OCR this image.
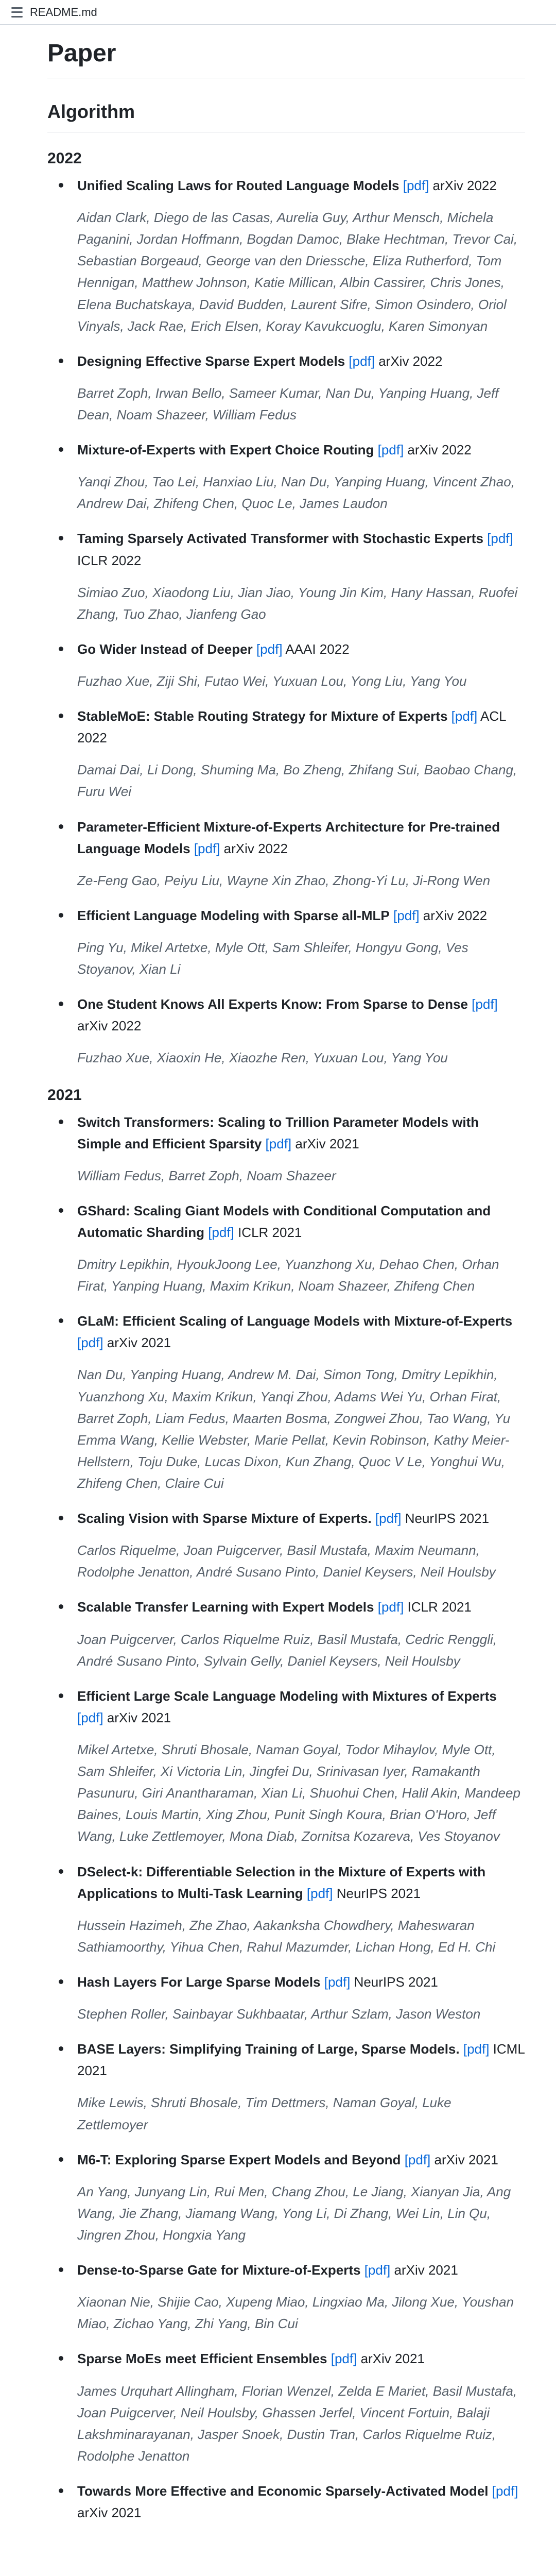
README.md
Paper
Algorithm
2022
Unified Scaling Laws for Routed Language Models [pdf] arXiv 2022
Aidan Clark, Diego de las Casas, Aurelia Guy, Arthur Mensch, Michela Paganini, Jordan Hoffmann, Bogdan Damoc, Blake Hechtman, Trevor Cai, Sebastian Borgeaud, George van den Driessche, Eliza Rutherford, Tom Hennigan, Matthew Johnson, Katie Millican, Albin Cassirer, Chris Jones, Elena Buchatskaya, David Budden, Laurent Sifre, Simon Osindero, Oriol Vinyals, Jack Rae, Erich Elsen, Koray Kavukcuoglu, Karen Simonyan
Designing Effective Sparse Expert Models [pdf] arXiv 2022
Barret Zoph, Irwan Bello, Sameer Kumar, Nan Du, Yanping Huang, Jeff Dean, Noam Shazeer, William Fedus
Mixture-of-Experts with Expert Choice Routing [pdf] arXiv 2022
Yanqi Zhou, Tao Lei, Hanxiao Liu, Nan Du, Yanping Huang, Vincent Zhao, Andrew Dai, Zhifeng Chen, Quoc Le, James Laudon
Taming Sparsely Activated Transformer with Stochastic Experts [pdf] ICLR 2022
Simiao Zuo, Xiaodong Liu, Jian Jiao, Young Jin Kim, Hany Hassan, Ruofei Zhang, Tuo Zhao, Jianfeng Gao
Go Wider Instead of Deeper [pdf] AAAI 2022
Fuzhao Xue, Ziji Shi, Futao Wei, Yuxuan Lou, Yong Liu, Yang You
StableMoE: Stable Routing Strategy for Mixture of Experts [pdf] ACL 2022
Damai Dai, Li Dong, Shuming Ma, Bo Zheng, Zhifang Sui, Baobao Chang, Furu Wei
Parameter-Efficient Mixture-of-Experts Architecture for Pre-trained Language Models [pdf] arXiv 2022
Ze-Feng Gao, Peiyu Liu, Wayne Xin Zhao, Zhong-Yi Lu, Ji-Rong Wen
Efficient Language Modeling with Sparse all-MLP [pdf] arXiv 2022
Ping Yu, Mikel Artetxe, Myle Ott, Sam Shleifer, Hongyu Gong, Ves Stoyanov, Xian Li
One Student Knows All Experts Know: From Sparse to Dense [pdf] arXiv 2022
Fuzhao Xue, Xiaoxin He, Xiaozhe Ren, Yuxuan Lou, Yang You
2021
Switch Transformers: Scaling to Trillion Parameter Models with Simple and Efficient Sparsity [pdf] arXiv 2021
William Fedus, Barret Zoph, Noam Shazeer
GShard: Scaling Giant Models with Conditional Computation and Automatic Sharding [pdf] ICLR 2021
Dmitry Lepikhin, HyoukJoong Lee, Yuanzhong Xu, Dehao Chen, Orhan Firat, Yanping Huang, Maxim Krikun, Noam Shazeer, Zhifeng Chen
GLaM: Efficient Scaling of Language Models with Mixture-of-Experts [pdf] arXiv 2021
Nan Du, Yanping Huang, Andrew M. Dai, Simon Tong, Dmitry Lepikhin, Yuanzhong Xu, Maxim Krikun, Yanqi Zhou, Adams Wei Yu, Orhan Firat, Barret Zoph, Liam Fedus, Maarten Bosma, Zongwei Zhou, Tao Wang, Yu Emma Wang, Kellie Webster, Marie Pellat, Kevin Robinson, Kathy Meier-Hellstern, Toju Duke, Lucas Dixon, Kun Zhang, Quoc V Le, Yonghui Wu, Zhifeng Chen, Claire Cui
Scaling Vision with Sparse Mixture of Experts. [pdf] NeurIPS 2021
Carlos Riquelme, Joan Puigcerver, Basil Mustafa, Maxim Neumann, Rodolphe Jenatton, André Susano Pinto, Daniel Keysers, Neil Houlsby
Scalable Transfer Learning with Expert Models [pdf] ICLR 2021
Joan Puigcerver, Carlos Riquelme Ruiz, Basil Mustafa, Cedric Renggli, André Susano Pinto, Sylvain Gelly, Daniel Keysers, Neil Houlsby
Efficient Large Scale Language Modeling with Mixtures of Experts [pdf] arXiv 2021
Mikel Artetxe, Shruti Bhosale, Naman Goyal, Todor Mihaylov, Myle Ott, Sam Shleifer, Xi Victoria Lin, Jingfei Du, Srinivasan Iyer, Ramakanth Pasunuru, Giri Anantharaman, Xian Li, Shuohui Chen, Halil Akin, Mandeep Baines, Louis Martin, Xing Zhou, Punit Singh Koura, Brian O'Horo, Jeff Wang, Luke Zettlemoyer, Mona Diab, Zornitsa Kozareva, Ves Stoyanov
DSelect-k: Differentiable Selection in the Mixture of Experts with Applications to Multi-Task Learning [pdf] NeurIPS 2021
Hussein Hazimeh, Zhe Zhao, Aakanksha Chowdhery, Maheswaran Sathiamoorthy, Yihua Chen, Rahul Mazumder, Lichan Hong, Ed H. Chi
Hash Layers For Large Sparse Models [pdf] NeurIPS 2021
Stephen Roller, Sainbayar Sukhbaatar, Arthur Szlam, Jason Weston
BASE Layers: Simplifying Training of Large, Sparse Models. [pdf] ICML 2021
Mike Lewis, Shruti Bhosale, Tim Dettmers, Naman Goyal, Luke Zettlemoyer
M6-T: Exploring Sparse Expert Models and Beyond [pdf] arXiv 2021
An Yang, Junyang Lin, Rui Men, Chang Zhou, Le Jiang, Xianyan Jia, Ang Wang, Jie Zhang, Jiamang Wang, Yong Li, Di Zhang, Wei Lin, Lin Qu, Jingren Zhou, Hongxia Yang
Dense-to-Sparse Gate for Mixture-of-Experts [pdf] arXiv 2021
Xiaonan Nie, Shijie Cao, Xupeng Miao, Lingxiao Ma, Jilong Xue, Youshan Miao, Zichao Yang, Zhi Yang, Bin Cui
Sparse MoEs meet Efficient Ensembles [pdf] arXiv 2021
James Urquhart Allingham, Florian Wenzel, Zelda E Mariet, Basil Mustafa, Joan Puigcerver, Neil Houlsby, Ghassen Jerfel, Vincent Fortuin, Balaji Lakshminarayanan, Jasper Snoek, Dustin Tran, Carlos Riquelme Ruiz, Rodolphe Jenatton
Towards More Effective and Economic Sparsely-Activated Model [pdf] arXiv 2021
